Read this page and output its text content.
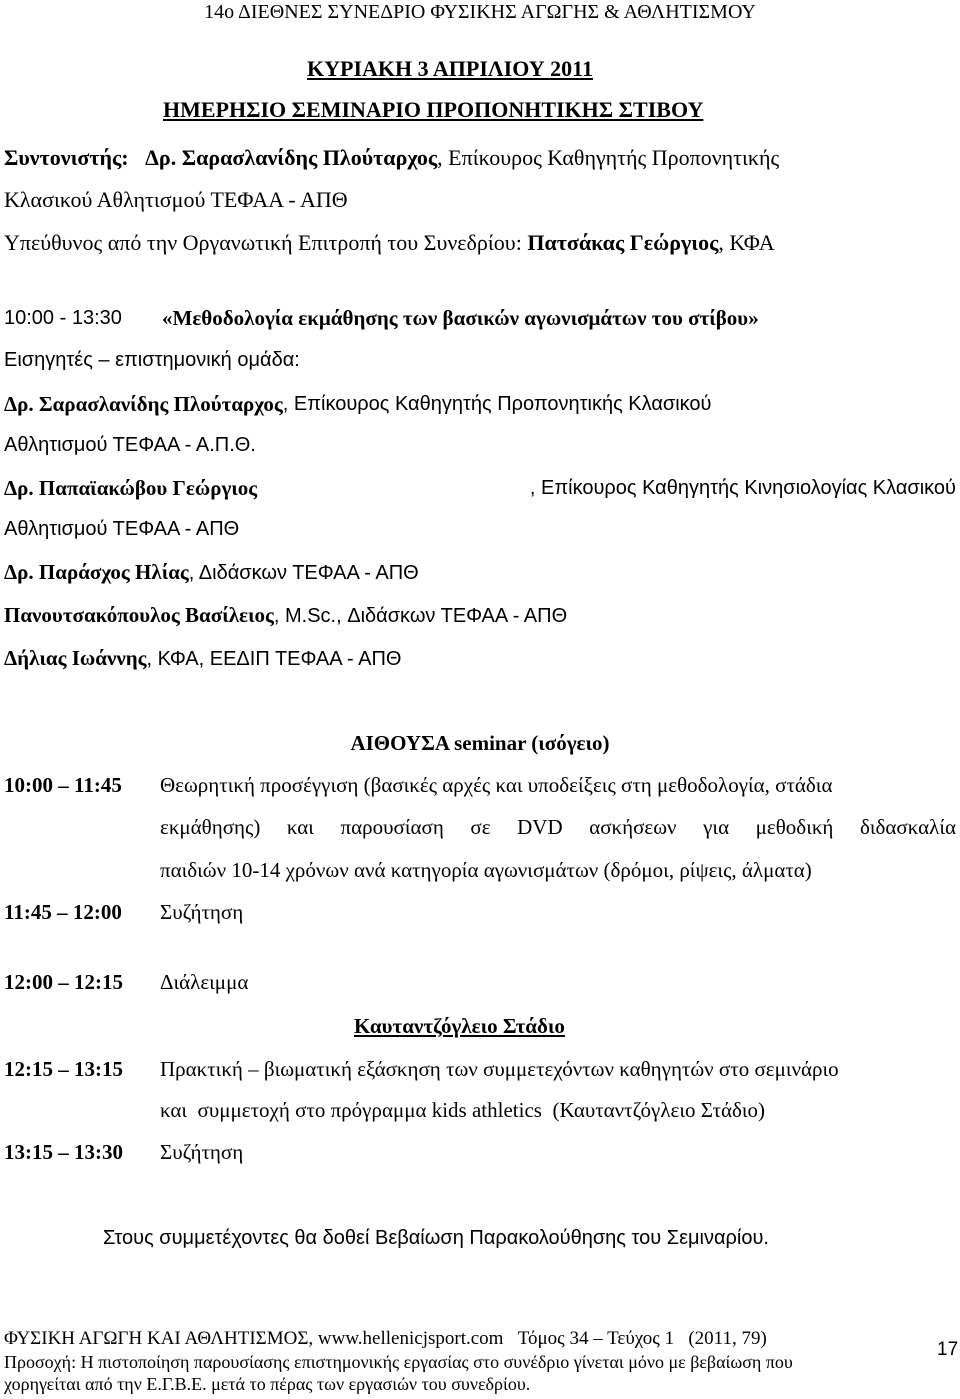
14ο ΔΙΕΘΝΕΣ ΣΥΝΕΔΡΙΟ ΦΥΣΙΚΗΣ ΑΓΩΓΗΣ & ΑΘΛΗΤΙΣΜΟΥ
ΚΥΡΙΑΚΗ 3 ΑΠΡΙΛΙΟΥ 2011
ΗΜΕΡΗΣΙΟ ΣΕΜΙΝΑΡΙΟ ΠΡΟΠΟΝΗΤΙΚΗΣ ΣΤΙΒΟΥ
Συντονιστής: Δρ. Σαρασλανίδης Πλούταρχος, Επίκουρος Καθηγητής Προπονητικής
Κλασικού Αθλητισμού ΤΕΦΑΑ - ΑΠΘ
Υπεύθυνος από την Οργανωτική Επιτροπή του Συνεδρίου: Πατσάκας Γεώργιος, ΚΦΑ
10:00 - 13:30 «Μεθοδολογία εκμάθησης των βασικών αγωνισμάτων του στίβου»
Εισηγητές – επιστημονική ομάδα:
Δρ. Σαρασλανίδης Πλούταρχος , Επίκουρος Καθηγητής Προπονητικής Κλασικού
Αθλητισμού ΤΕΦΑΑ - Α.Π.Θ.
Δρ. Παπαϊακώβου Γεώργιος	, Επίκουρος Καθηγητής Κινησιολογίας Κλασικού
Αθλητισμού ΤΕΦΑΑ - ΑΠΘ
Δρ. Παράσχος Ηλίας, Διδάσκων ΤΕΦΑΑ - ΑΠΘ
Πανουτσακόπουλος Βασίλειος, M.Sc., Διδάσκων ΤΕΦΑΑ - ΑΠΘ
Δήλιας Ιωάννης, ΚΦΑ, ΕΕΔΙΠ ΤΕΦΑΑ - ΑΠΘ
ΑΙΘΟΥΣΑ seminar (ισόγειο)
10:00 – 11:45 Θεωρητική προσέγγιση (βασικές αρχές και υποδείξεις στη μεθοδολογία, στάδια
εκμάθησης) και παρουσίαση σε DVD ασκήσεων για μεθοδική διδασκαλία
παιδιών 10-14 χρόνων ανά κατηγορία αγωνισμάτων (δρόμοι, ρίψεις, άλματα)
11:45 – 12:00 Συζήτηση
12:00 – 12:15 Διάλειμμα
Καυταντζόγλειο Στάδιο
12:15 – 13:15 Πρακτική – βιωματική εξάσκηση των συμμετεχόντων καθηγητών στο σεμινάριο
και  συμμετοχή στο πρόγραμμα kids athletics  (Καυταντζόγλειο Στάδιο)
13:15 – 13:30 Συζήτηση
Στους συμμετέχοντες θα δοθεί Βεβαίωση Παρακολούθησης του Σεμιναρίου.
ΦΥΣΙΚΗ ΑΓΩΓΗ ΚΑΙ ΑΘΛΗΤΙΣΜΟΣ, www.hellenicjsport.com Τόμος 34 – Τεύχος 1   (2011, 79)
17
Προσοχή: Η πιστοποίηση παρουσίασης επιστημονικής εργασίας στο συνέδριο γίνεται μόνο με βεβαίωση που
χορηγείται από την Ε.Γ.Β.Ε. μετά το πέρας των εργασιών του συνεδρίου.
